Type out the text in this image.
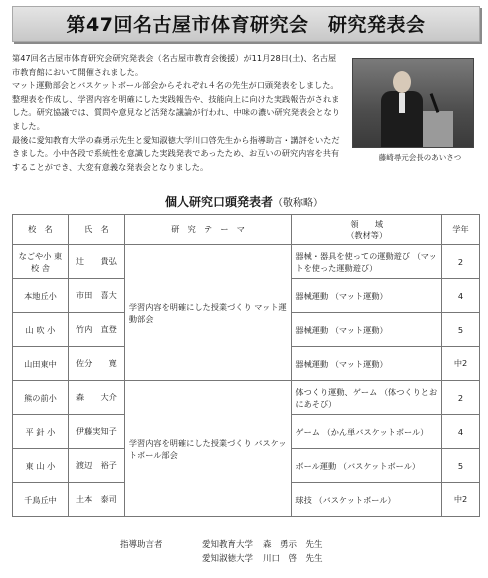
第47回名古屋市体育研究会　研究発表会

第47回名古屋市体育研究会研究発表会（名古屋市教育会後援）が11月28日(土)、名古屋市教育館において開催されました。

マット運動部会とバスケットボール部会からそれぞれ４名の先生が口頭発表をしました。整理表を作成し、学習内容を明確にした実践報告や、技能向上に向けた実践報告がされました。研究協議では、質問や意見など活発な議論が行われ、中味の濃い研究発表会となりました。

最後に愛知教育大学の森勇示先生と愛知淑徳大学川口啓先生から指導助言・講評をいただきました。小中各段で系統性を意識した実践発表であったため、お互いの研究内容を共有することができ、大変有意義な発表会となりました。

藤崎尋元会長のあいさつ
個人研究口頭発表者（敬称略）
校　名	氏　名	研　究　テ　ー　マ	領　　域
（教材等）	学年
なごや小 東 校 舎	辻　　貴弘	学習内容を明確にした授業づくり マット運動部会	器械・器具を使っての運動遊び （マットを使った運動遊び）	2
本地丘小	市田　喜大		器械運動 （マット運動）	4
山 吹 小	竹内　直登		器械運動 （マット運動）	5
山田東中	佐分　　寛		器械運動 （マット運動）	中2
熊の前小	森　　大介	学習内容を明確にした授業づくり バスケットボール部会	体つくり運動、ゲーム （体つくりとおにあそび）	2
平 針 小	伊藤実知子		ゲーム （かん単バスケットボール）	4
東 山 小	渡辺　裕子		ボール運動 （バスケットボール）	5
千鳥丘中	土本　泰司		球技 （バスケットボール）	中2
指導助言者	愛知教育大学 森　勇示　先生
愛知淑徳大学 川口　啓　先生
